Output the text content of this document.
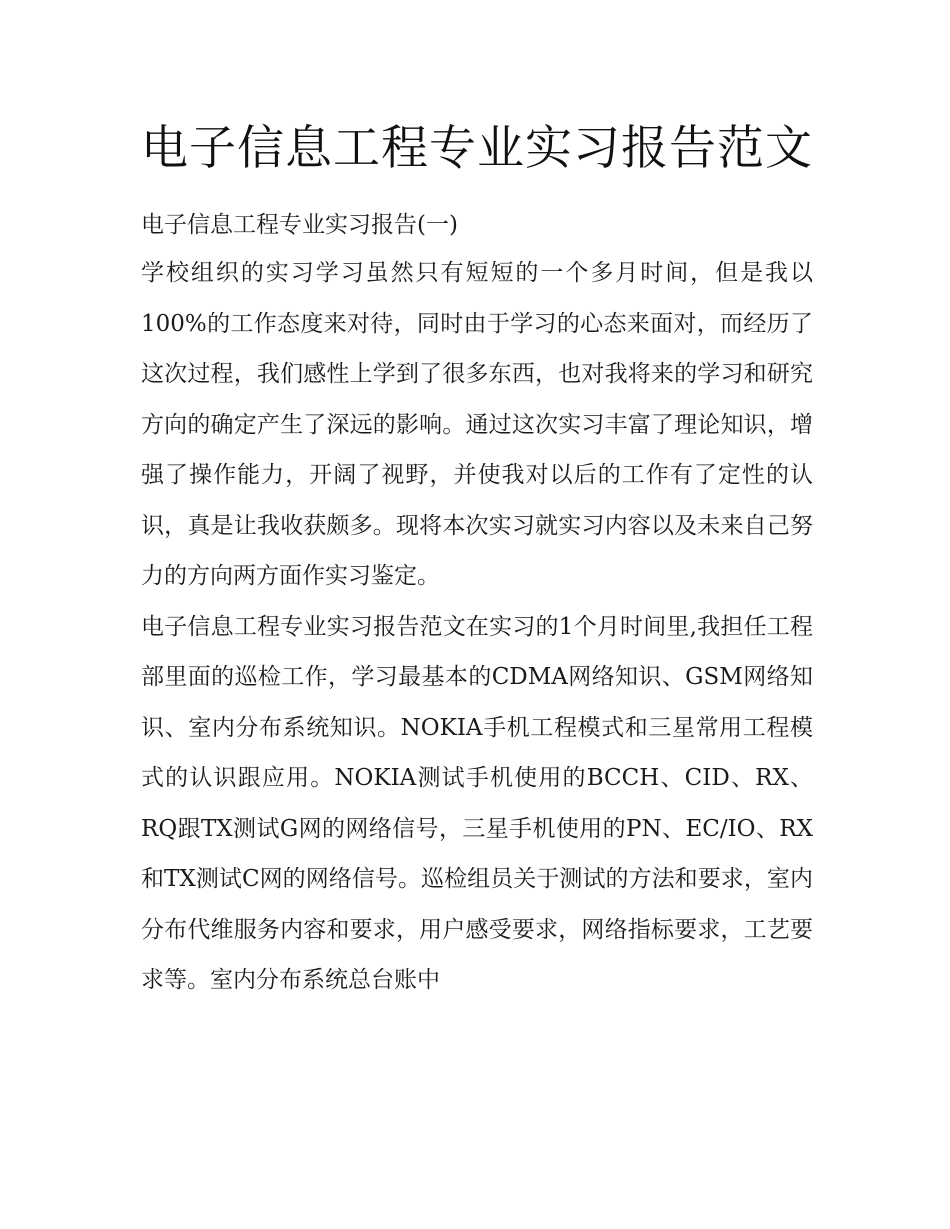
电子信息工程专业实习报告范文

电子信息工程专业实习报告(一)

学校组织的实习学习虽然只有短短的一个多月时间，但是我以100%的工作态度来对待，同时由于学习的心态来面对，而经历了这次过程，我们感性上学到了很多东西，也对我将来的学习和研究方向的确定产生了深远的影响。通过这次实习丰富了理论知识，增强了操作能力，开阔了视野，并使我对以后的工作有了定性的认识，真是让我收获颇多。现将本次实习就实习内容以及未来自己努力的方向两方面作实习鉴定。

电子信息工程专业实习报告范文在实习的1个月时间里,我担任工程部里面的巡检工作，学习最基本的CDMA网络知识、GSM网络知识、室内分布系统知识。NOKIA手机工程模式和三星常用工程模式的认识跟应用。NOKIA测试手机使用的BCCH、CID、RX、RQ跟TX测试G网的网络信号，三星手机使用的PN、EC/IO、RX和TX测试C网的网络信号。巡检组员关于测试的方法和要求，室内分布代维服务内容和要求，用户感受要求，网络指标要求，工艺要求等。室内分布系统总台账中
